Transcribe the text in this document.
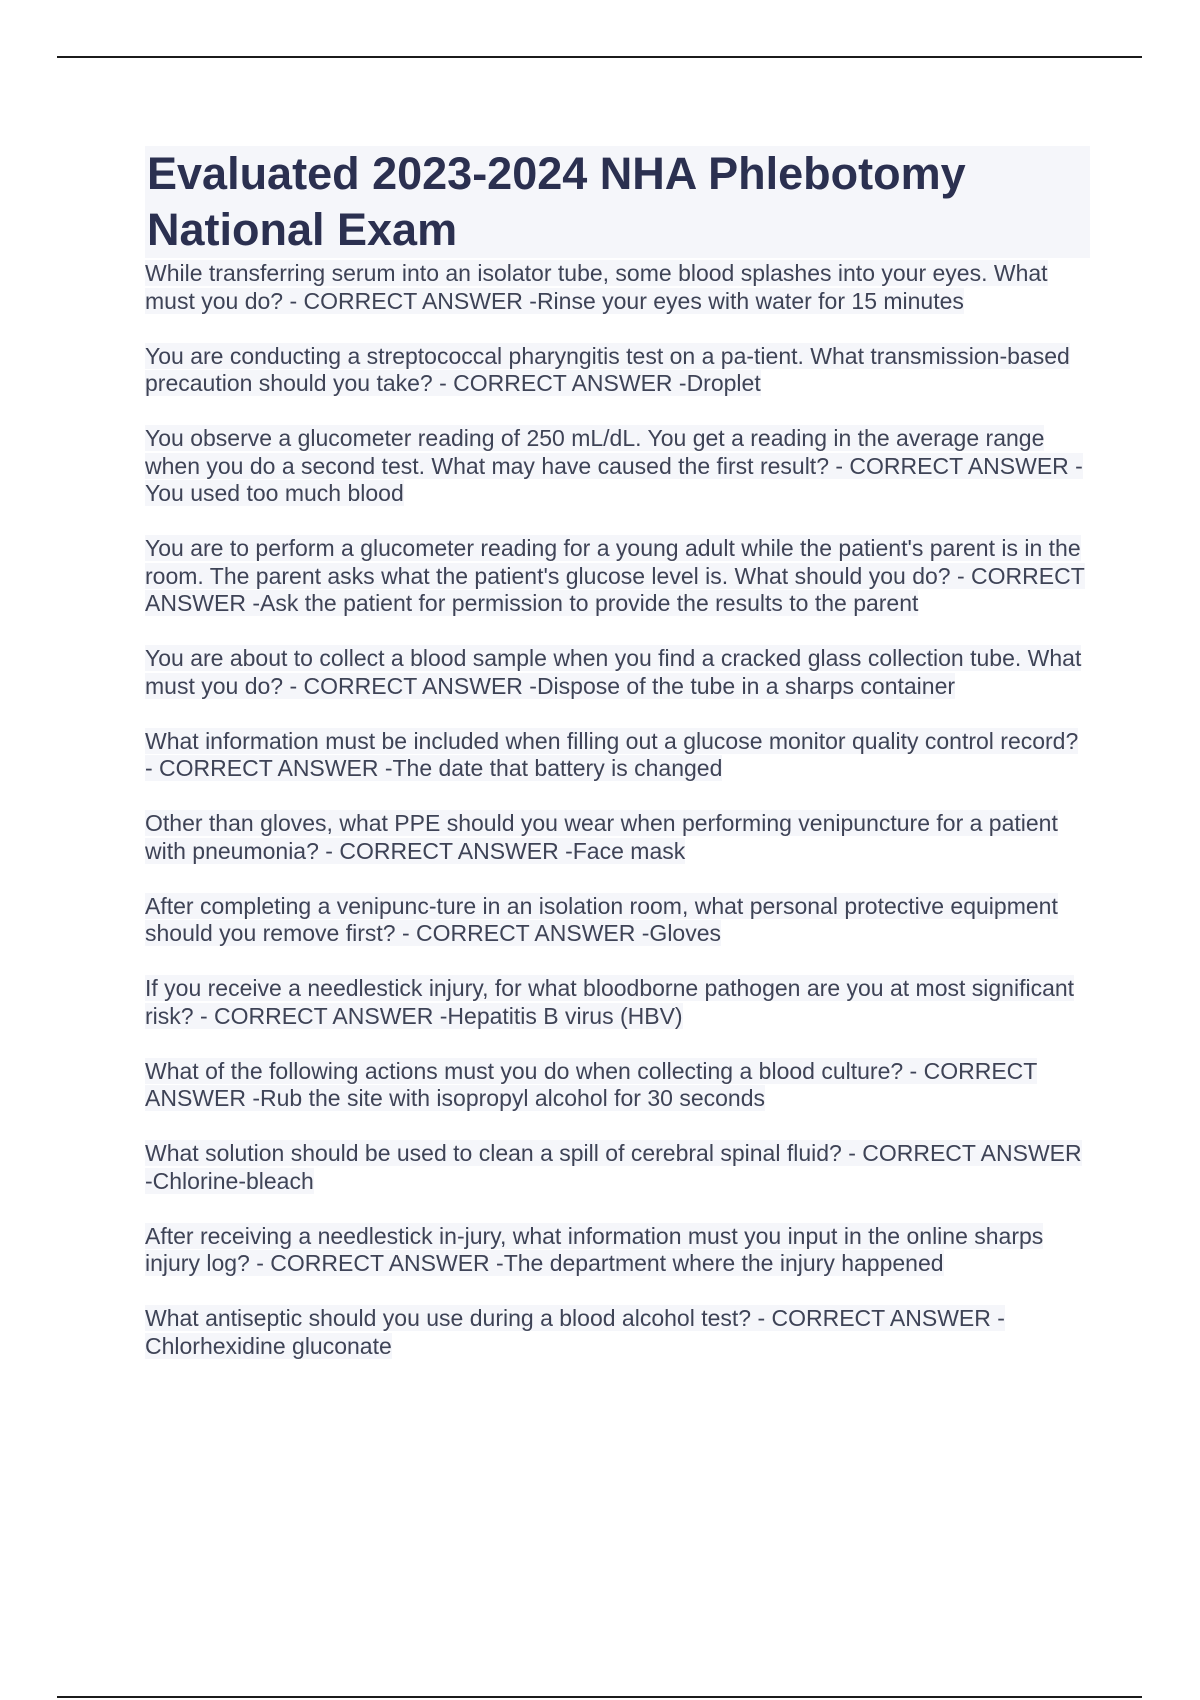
Evaluated 2023-2024 NHA Phlebotomy National Exam
While transferring serum into an isolator tube, some blood splashes into your eyes. What must you do? - CORRECT ANSWER -Rinse your eyes with water for 15 minutes
You are conducting a streptococcal pharyngitis test on a pa-tient. What transmission-based precaution should you take? - CORRECT ANSWER -Droplet
You observe a glucometer reading of 250 mL/dL. You get a reading in the average range when you do a second test. What may have caused the first result? - CORRECT ANSWER -You used too much blood
You are to perform a glucometer reading for a young adult while the patient's parent is in the room. The parent asks what the patient's glucose level is. What should you do? - CORRECT ANSWER -Ask the patient for permission to provide the results to the parent
You are about to collect a blood sample when you find a cracked glass collection tube. What must you do? - CORRECT ANSWER -Dispose of the tube in a sharps container
What information must be included when filling out a glucose monitor quality control record? - CORRECT ANSWER -The date that battery is changed
Other than gloves, what PPE should you wear when performing venipuncture for a patient with pneumonia? - CORRECT ANSWER -Face mask
After completing a venipunc-ture in an isolation room, what personal protective equipment should you remove first? - CORRECT ANSWER -Gloves
If you receive a needlestick injury, for what bloodborne pathogen are you at most significant risk? - CORRECT ANSWER -Hepatitis B virus (HBV)
What of the following actions must you do when collecting a blood culture? - CORRECT ANSWER -Rub the site with isopropyl alcohol for 30 seconds
What solution should be used to clean a spill of cerebral spinal fluid? - CORRECT ANSWER -Chlorine-bleach
After receiving a needlestick in-jury, what information must you input in the online sharps injury log? - CORRECT ANSWER -The department where the injury happened
What antiseptic should you use during a blood alcohol test? - CORRECT ANSWER -Chlorhexidine gluconate
